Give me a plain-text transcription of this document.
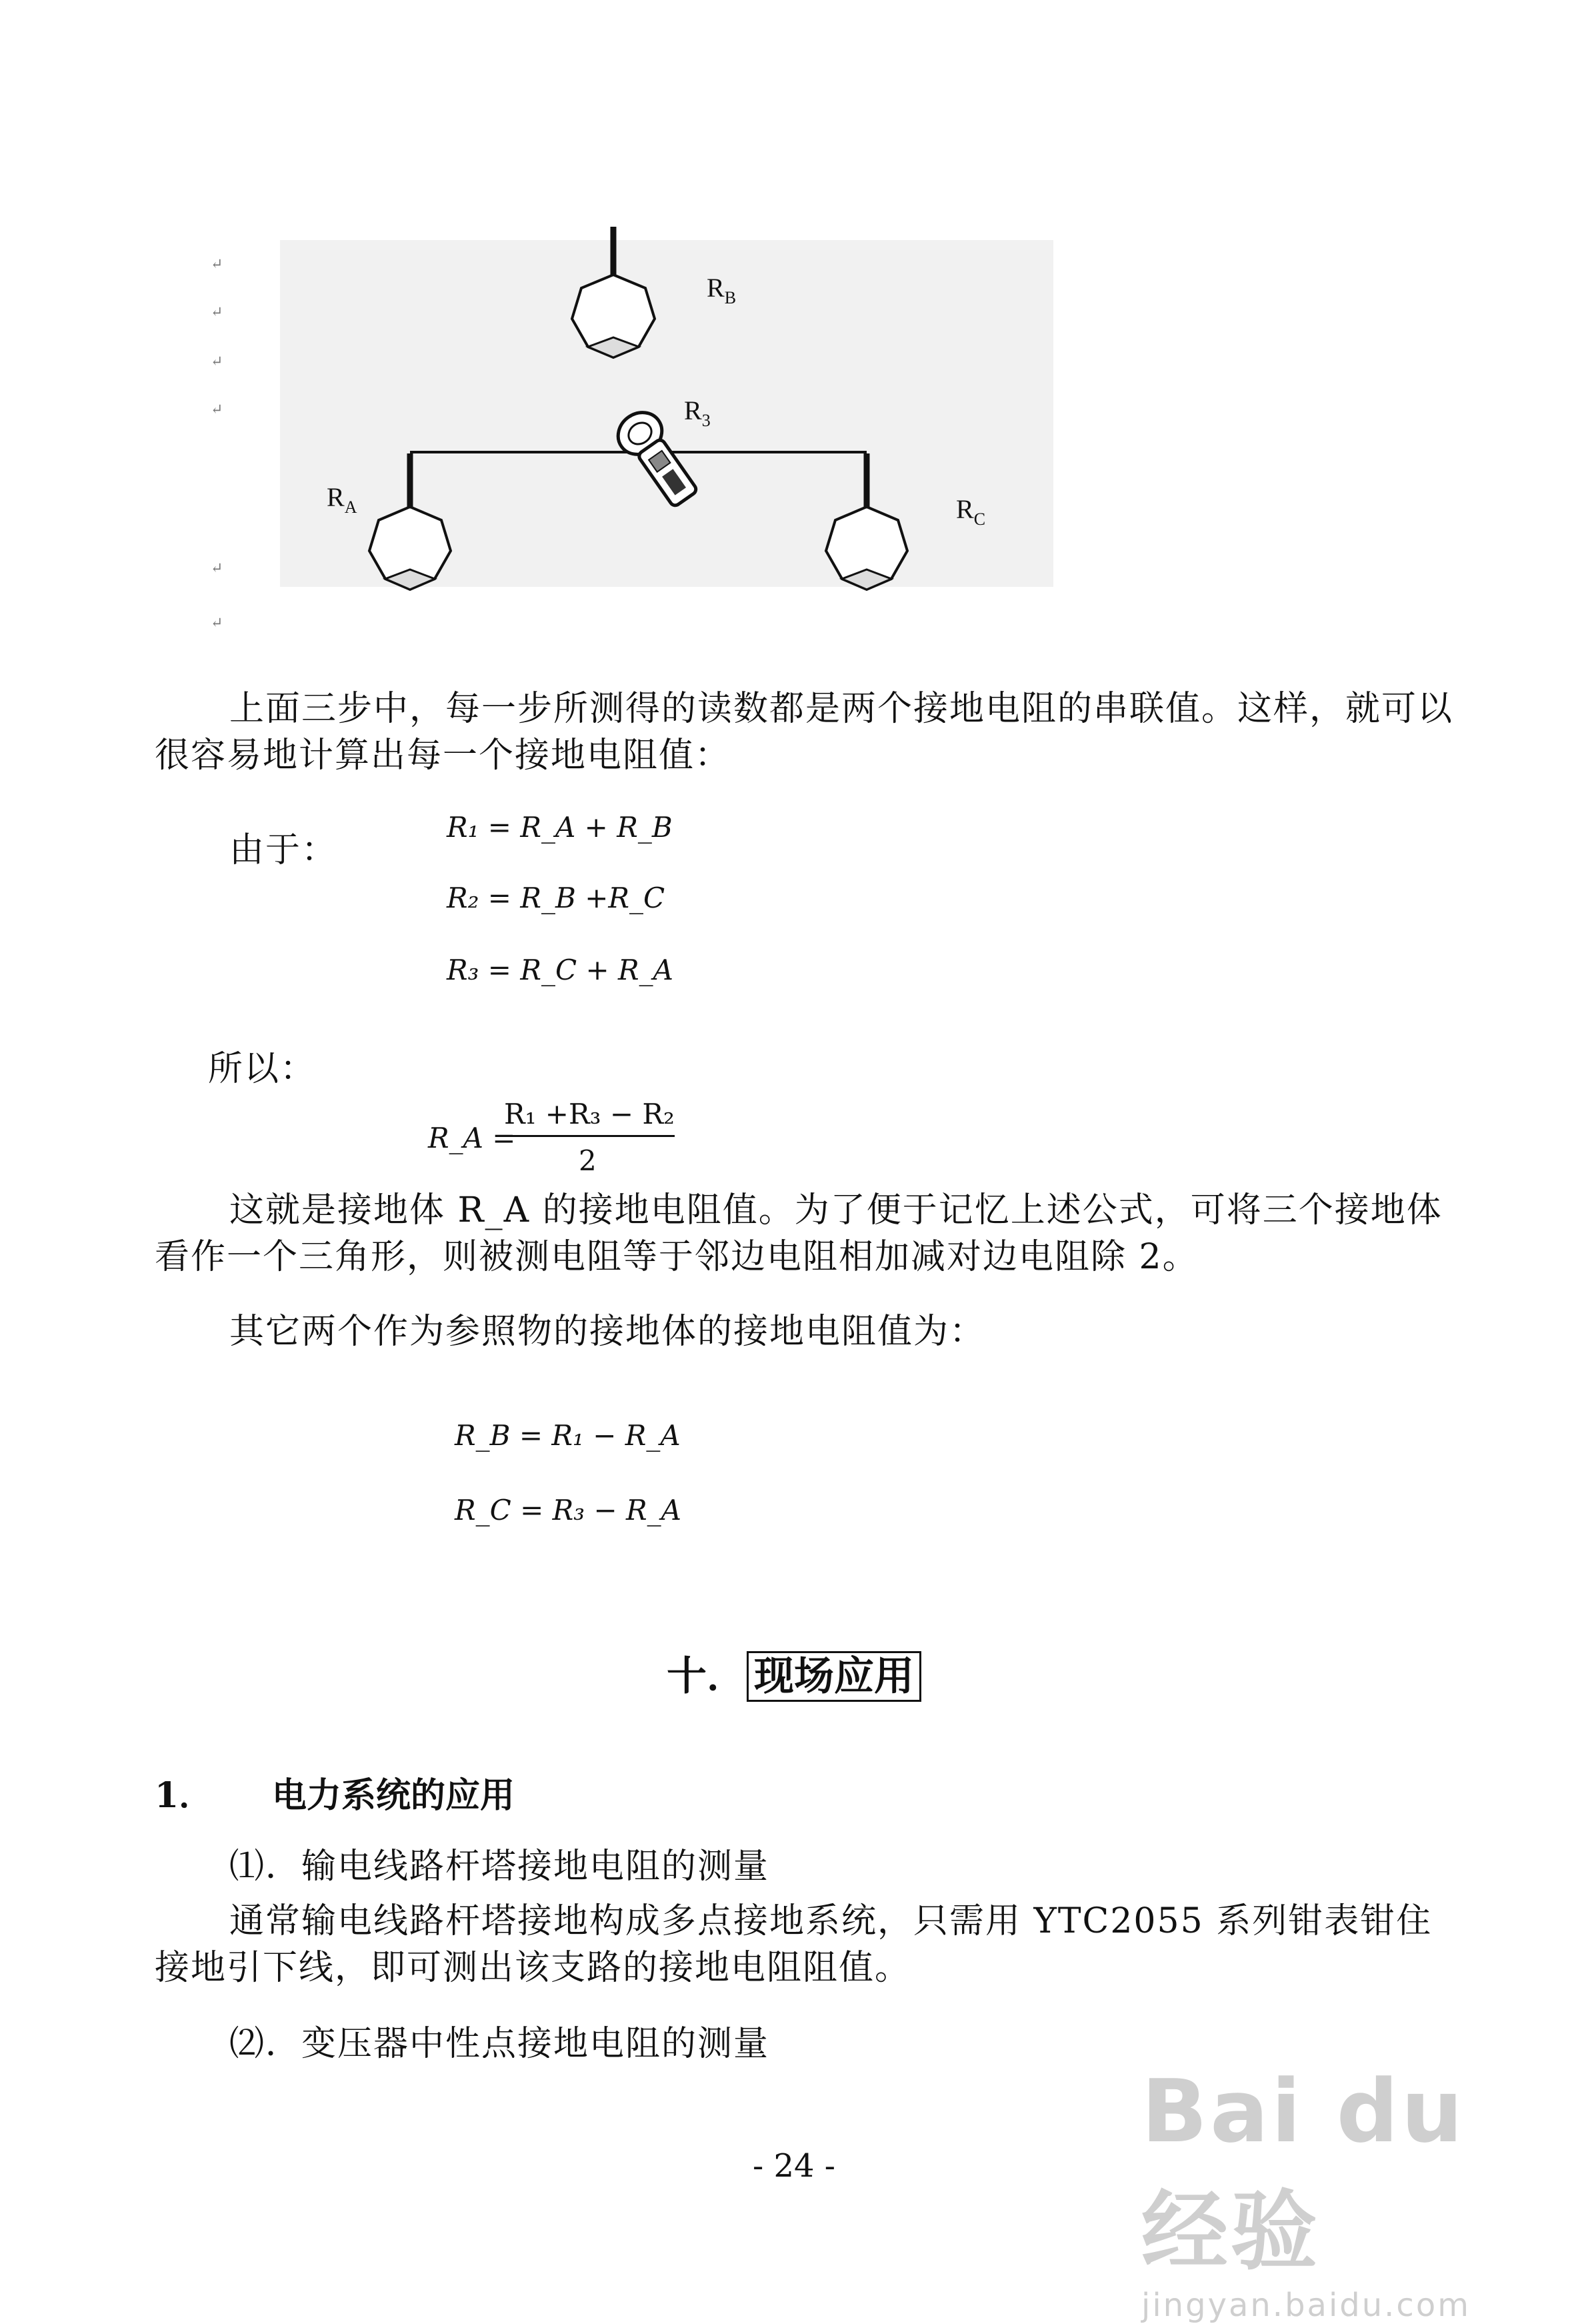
↵
↵
↵
↵
↵
↵
$R_B$
$R_3$
$R_A$	$R_C$

上面三步中，每一步所测得的读数都是两个接地电阻的串联值。这样，就可以很容易地计算出每一个接地电阻值：

由于：
R₁ = R_A + R_B
R₂ = R_B +R_C
R₃ = R_C + R_A
所以：
R_A =
R₁ +R₃ − R₂
2

这就是接地体 R_A 的接地电阻值。为了便于记忆上述公式，可将三个接地体看作一个三角形，则被测电阻等于邻边电阻相加减对边电阻除 2。

其它两个作为参照物的接地体的接地电阻值为：

R_B = R₁ − R_A
R_C = R₃ − R_A
十． 现场应用
1． 电力系统的应用

⑴．输电线路杆塔接地电阻的测量

通常输电线路杆塔接地构成多点接地系统，只需用 YTC2055 系列钳表钳住接地引下线，即可测出该支路的接地电阻阻值。

⑵．变压器中性点接地电阻的测量

- 24 -
Bai du 经验
jingyan.baidu.com
